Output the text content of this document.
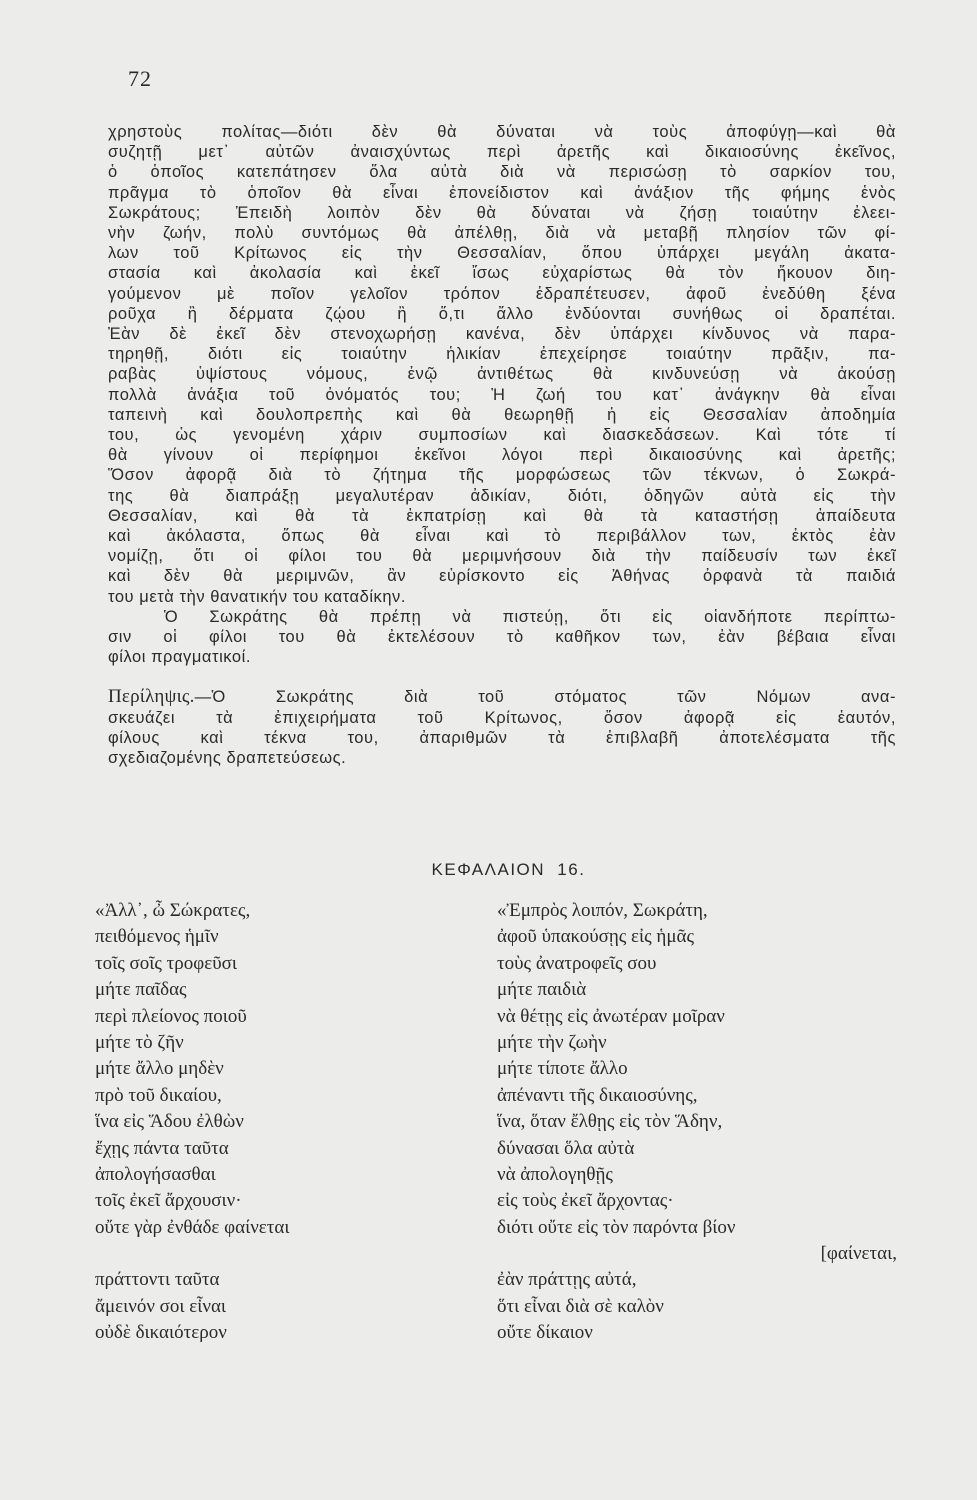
72
χρηστοὺς πολίτας—διότι δὲν θὰ δύναται νὰ τοὺς ἀποφύγῃ—καὶ θὰ
συζητῇ μετ᾽ αὐτῶν ἀναισχύντως περὶ ἀρετῆς καὶ δικαιοσύνης ἐκεῖνος,
ὁ ὁποῖος κατεπάτησεν ὅλα αὐτὰ διὰ νὰ περισώσῃ τὸ σαρκίον του,
πρᾶγμα τὸ ὁποῖον θὰ εἶναι ἐπονείδιστον καὶ ἀνάξιον τῆς φήμης ἑνὸς
Σωκράτους; Ἐπειδὴ λοιπὸν δὲν θὰ δύναται νὰ ζήσῃ τοιαύτην ἐλεει-
νὴν ζωήν, πολὺ συντόμως θὰ ἀπέλθῃ, διὰ νὰ μεταβῇ πλησίον τῶν φί-
λων τοῦ Κρίτωνος εἰς τὴν Θεσσαλίαν, ὅπου ὑπάρχει μεγάλη ἀκατα-
στασία καὶ ἀκολασία καὶ ἐκεῖ ἴσως εὐχαρίστως θὰ τὸν ἤκουον διη-
γούμενον μὲ ποῖον γελοῖον τρόπον ἐδραπέτευσεν, ἀφοῦ ἐνεδύθη ξένα
ροῦχα ἢ δέρματα ζῴου ἢ ὅ,τι ἄλλο ἐνδύονται συνήθως οἱ δραπέται.
Ἐὰν δὲ ἐκεῖ δὲν στενοχωρήσῃ κανένα, δὲν ὑπάρχει κίνδυνος νὰ παρα-
τηρηθῇ, διότι εἰς τοιαύτην ἡλικίαν ἐπεχείρησε τοιαύτην πρᾶξιν, πα-
ραβὰς ὑψίστους νόμους, ἐνῷ ἀντιθέτως θὰ κινδυνεύσῃ νὰ ἀκούσῃ
πολλὰ ἀνάξια τοῦ ὀνόματός του; Ἡ ζωή του κατ᾽ ἀνάγκην θὰ εἶναι
ταπεινὴ καὶ δουλοπρεπὴς καὶ θὰ θεωρηθῇ ἡ εἰς Θεσσαλίαν ἀποδημία
του, ὡς γενομένη χάριν συμποσίων καὶ διασκεδάσεων. Καὶ τότε τί
θὰ γίνουν οἱ περίφημοι ἐκεῖνοι λόγοι περὶ δικαιοσύνης καὶ ἀρετῆς;
Ὅσον ἀφορᾷ διὰ τὸ ζήτημα τῆς μορφώσεως τῶν τέκνων, ὁ Σωκρά-
της θὰ διαπράξῃ μεγαλυτέραν ἀδικίαν, διότι, ὁδηγῶν αὐτὰ εἰς τὴν
Θεσσαλίαν, καὶ θὰ τὰ ἐκπατρίσῃ καὶ θὰ τὰ καταστήσῃ ἀπαίδευτα
καὶ ἀκόλαστα, ὅπως θὰ εἶναι καὶ τὸ περιβάλλον των, ἐκτὸς ἐὰν
νομίζῃ, ὅτι οἱ φίλοι του θὰ μεριμνήσουν διὰ τὴν παίδευσίν των ἐκεῖ
καὶ δὲν θὰ μεριμνῶν, ἂν εὑρίσκοντο εἰς Ἀθήνας ὀρφανὰ τὰ παιδιά
του μετὰ τὴν θανατικήν του καταδίκην.
Ὁ Σωκράτης θὰ πρέπῃ νὰ πιστεύῃ, ὅτι εἰς οἱανδήποτε περίπτω-
σιν οἱ φίλοι του θὰ ἐκτελέσουν τὸ καθῆκον των, ἐὰν βέβαια εἶναι
φίλοι πραγματικοί.
Περίληψις.—Ὁ Σωκράτης διὰ τοῦ στόματος τῶν Νόμων ανα-
σκευάζει τὰ ἐπιχειρήματα τοῦ Κρίτωνος, ὅσον ἀφορᾷ εἰς ἑαυτόν,
φίλους καὶ τέκνα του, ἀπαριθμῶν τὰ ἐπιβλαβῆ ἀποτελέσματα τῆς
σχεδιαζομένης δραπετεύσεως.
ΚΕΦΑΛΑΙΟΝ 16.
«Ἀλλ᾽, ὦ Σώκρατες,
πειθόμενος ἡμῖν
τοῖς σοῖς τροφεῦσι
μήτε παῖδας
περὶ πλείονος ποιοῦ
μήτε τὸ ζῆν
μήτε ἄλλο μηδὲν
πρὸ τοῦ δικαίου,
ἵνα εἰς Ἅδου ἐλθὼν
ἔχῃς πάντα ταῦτα
ἀπολογήσασθαι
τοῖς ἐκεῖ ἄρχουσιν·
οὔτε γὰρ ἐνθάδε φαίνεται
πράττοντι ταῦτα
ἄμεινόν σοι εἶναι
οὐδὲ δικαιότερον
«Ἐμπρὸς λοιπόν, Σωκράτη,
ἀφοῦ ὑπακούσῃς εἰς ἡμᾶς
τοὺς ἀνατροφεῖς σου
μήτε παιδιὰ
νὰ θέτῃς εἰς ἀνωτέραν μοῖραν
μήτε τὴν ζωὴν
μήτε τίποτε ἄλλο
ἀπέναντι τῆς δικαιοσύνης,
ἵνα, ὅταν ἔλθῃς εἰς τὸν Ἅδην,
δύνασαι ὅλα αὐτὰ
νὰ ἀπολογηθῇς
εἰς τοὺς ἐκεῖ ἄρχοντας·
διότι οὔτε εἰς τὸν παρόντα βίον
[φαίνεται,
ἐὰν πράττῃς αὐτά,
ὅτι εἶναι διὰ σὲ καλὸν
οὔτε δίκαιον
